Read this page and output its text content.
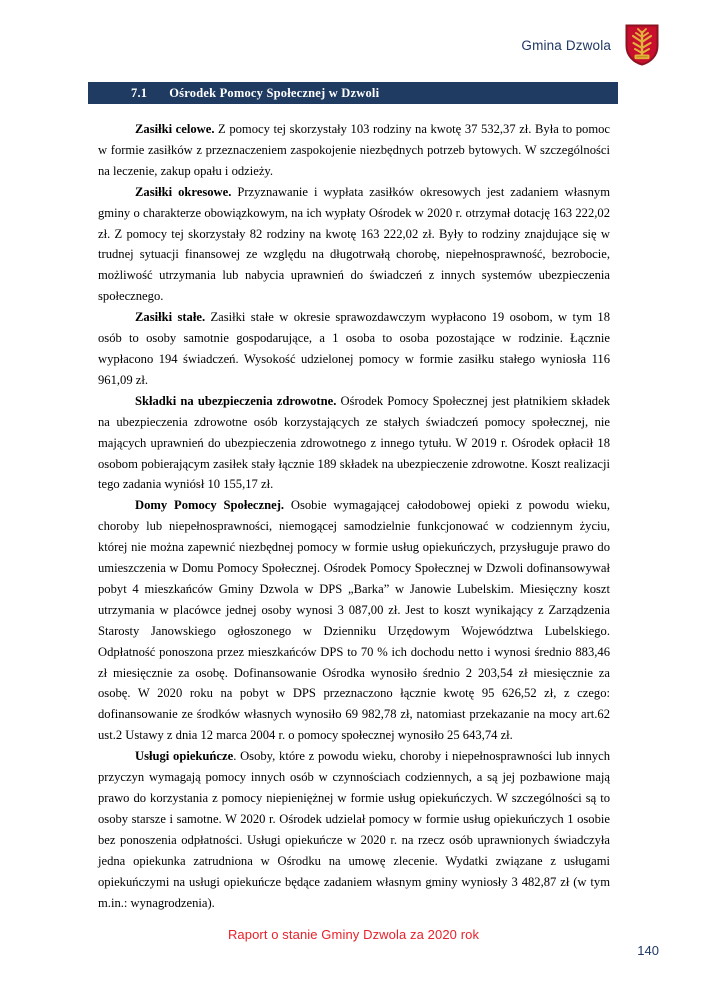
Gmina Dzwola
7.1 Ośrodek Pomocy Społecznej w Dzwoli

Zasiłki celowe. Z pomocy tej skorzystały 103 rodziny na kwotę 37 532,37 zł. Była to pomoc w formie zasiłków z przeznaczeniem zaspokojenie niezbędnych potrzeb bytowych. W szczególności na leczenie, zakup opału i odzieży.

Zasiłki okresowe. Przyznawanie i wypłata zasiłków okresowych jest zadaniem własnym gminy o charakterze obowiązkowym, na ich wypłaty Ośrodek w 2020 r. otrzymał dotację 163 222,02 zł. Z pomocy tej skorzystały 82 rodziny na kwotę 163 222,02 zł. Były to rodziny znajdujące się w trudnej sytuacji finansowej ze względu na długotrwałą chorobę, niepełnosprawność, bezrobocie, możliwość utrzymania lub nabycia uprawnień do świadczeń z innych systemów ubezpieczenia społecznego.

Zasiłki stałe. Zasiłki stałe w okresie sprawozdawczym wypłacono 19 osobom, w tym 18 osób to osoby samotnie gospodarujące, a 1 osoba to osoba pozostające w rodzinie. Łącznie wypłacono 194 świadczeń. Wysokość udzielonej pomocy w formie zasiłku stałego wyniosła 116 961,09 zł.

Składki na ubezpieczenia zdrowotne. Ośrodek Pomocy Społecznej jest płatnikiem składek na ubezpieczenia zdrowotne osób korzystających ze stałych świadczeń pomocy społecznej, nie mających uprawnień do ubezpieczenia zdrowotnego z innego tytułu. W 2019 r. Ośrodek opłacił 18 osobom pobierającym zasiłek stały łącznie 189 składek na ubezpieczenie zdrowotne. Koszt realizacji tego zadania wyniósł 10 155,17 zł.

Domy Pomocy Społecznej. Osobie wymagającej całodobowej opieki z powodu wieku, choroby lub niepełnosprawności, niemogącej samodzielnie funkcjonować w codziennym życiu, której nie można zapewnić niezbędnej pomocy w formie usług opiekuńczych, przysługuje prawo do umieszczenia w Domu Pomocy Społecznej. Ośrodek Pomocy Społecznej w Dzwoli dofinansowywał pobyt 4 mieszkańców Gminy Dzwola w DPS „Barka” w Janowie Lubelskim. Miesięczny koszt utrzymania w placówce jednej osoby wynosi 3 087,00 zł. Jest to koszt wynikający z Zarządzenia Starosty Janowskiego ogłoszonego w Dzienniku Urzędowym Województwa Lubelskiego. Odpłatność ponoszona przez mieszkańców DPS to 70 % ich dochodu netto i wynosi średnio 883,46 zł miesięcznie za osobę. Dofinansowanie Ośrodka wynosiło średnio 2 203,54 zł miesięcznie za osobę. W 2020 roku na pobyt w DPS przeznaczono łącznie kwotę 95 626,52 zł, z czego: dofinansowanie ze środków własnych wynosiło 69 982,78 zł, natomiast przekazanie na mocy art.62 ust.2 Ustawy z dnia 12 marca 2004 r. o pomocy społecznej wynosiło 25 643,74 zł.

Usługi opiekuńcze. Osoby, które z powodu wieku, choroby i niepełnosprawności lub innych przyczyn wymagają pomocy innych osób w czynnościach codziennych, a są jej pozbawione mają prawo do korzystania z pomocy niepieniężnej w formie usług opiekuńczych. W szczególności są to osoby starsze i samotne. W 2020 r. Ośrodek udzielał pomocy w formie usług opiekuńczych 1 osobie bez ponoszenia odpłatności. Usługi opiekuńcze w 2020 r. na rzecz osób uprawnionych świadczyła jedna opiekunka zatrudniona w Ośrodku na umowę zlecenie. Wydatki związane z usługami opiekuńczymi na usługi opiekuńcze będące zadaniem własnym gminy wyniosły 3 482,87 zł (w tym m.in.: wynagrodzenia).

Raport o stanie Gminy Dzwola za 2020 rok
140
